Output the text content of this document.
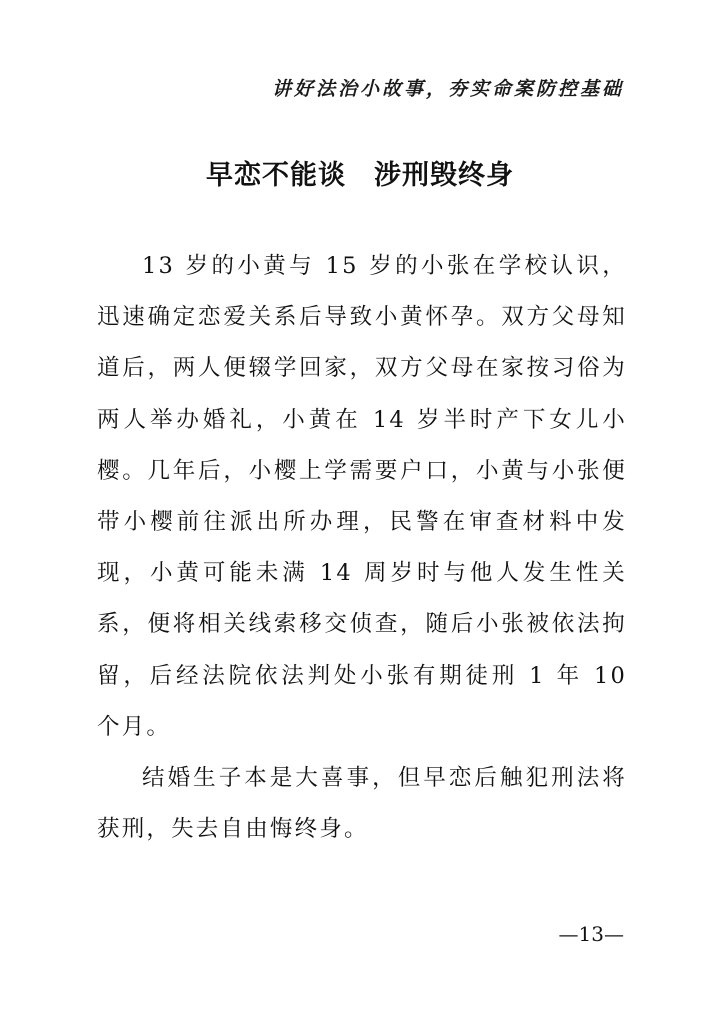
讲好法治小故事，夯实命案防控基础
早恋不能谈　涉刑毁终身

13 岁的小黄与 15 岁的小张在学校认识，迅速确定恋爱关系后导致小黄怀孕。双方父母知道后，两人便辍学回家，双方父母在家按习俗为两人举办婚礼，小黄在 14 岁半时产下女儿小樱。几年后，小樱上学需要户口，小黄与小张便带小樱前往派出所办理，民警在审查材料中发现，小黄可能未满 14 周岁时与他人发生性关系，便将相关线索移交侦查，随后小张被依法拘留，后经法院依法判处小张有期徒刑 1 年 10 个月。

结婚生子本是大喜事，但早恋后触犯刑法将获刑，失去自由悔终身。

—13—
